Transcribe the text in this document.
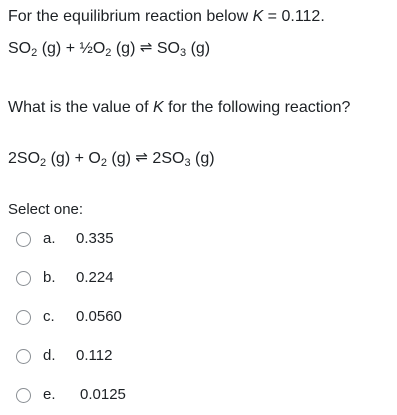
For the equilibrium reaction below K = 0.112.
$SO_2$ $(g) + \frac{1}{2}O_2$ (g) ⇌ $SO_3$ (g)
What is the value of K for the following reaction?
$2SO_2$ $(g) + O_2$ (g) ⇌ $2SO_3$ (g)
Select one:
a. 0.335
b. 0.224
c. 0.0560
d. 0.112
e. 0.0125
